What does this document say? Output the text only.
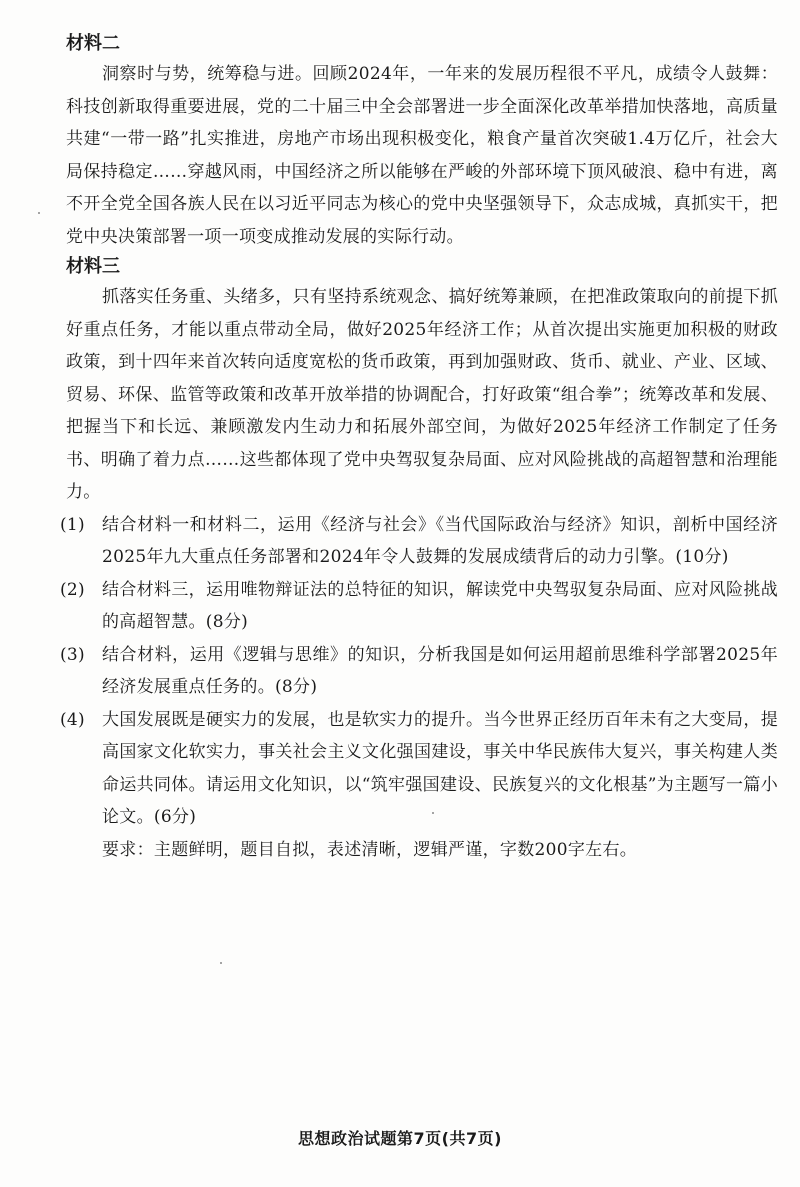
材料二

洞察时与势，统筹稳与进。回顾2024年，一年来的发展历程很不平凡，成绩令人鼓舞：科技创新取得重要进展，党的二十届三中全会部署进一步全面深化改革举措加快落地，高质量共建“一带一路”扎实推进，房地产市场出现积极变化，粮食产量首次突破1.4万亿斤，社会大局保持稳定……穿越风雨，中国经济之所以能够在严峻的外部环境下顶风破浪、稳中有进，离不开全党全国各族人民在以习近平同志为核心的党中央坚强领导下，众志成城，真抓实干，把党中央决策部署一项一项变成推动发展的实际行动。

材料三

抓落实任务重、头绪多，只有坚持系统观念、搞好统筹兼顾，在把准政策取向的前提下抓好重点任务，才能以重点带动全局，做好2025年经济工作；从首次提出实施更加积极的财政政策，到十四年来首次转向适度宽松的货币政策，再到加强财政、货币、就业、产业、区域、贸易、环保、监管等政策和改革开放举措的协调配合，打好政策“组合拳”；统筹改革和发展、把握当下和长远、兼顾激发内生动力和拓展外部空间，为做好2025年经济工作制定了任务书、明确了着力点……这些都体现了党中央驾驭复杂局面、应对风险挑战的高超智慧和治理能力。

(1) 结合材料一和材料二，运用《经济与社会》《当代国际政治与经济》知识，剖析中国经济2025年九大重点任务部署和2024年令人鼓舞的发展成绩背后的动力引擎。(10分)
(2) 结合材料三，运用唯物辩证法的总特征的知识，解读党中央驾驭复杂局面、应对风险挑战的高超智慧。(8分)
(3) 结合材料，运用《逻辑与思维》的知识，分析我国是如何运用超前思维科学部署2025年经济发展重点任务的。(8分)
(4) 大国发展既是硬实力的发展，也是软实力的提升。当今世界正经历百年未有之大变局，提高国家文化软实力，事关社会主义文化强国建设，事关中华民族伟大复兴，事关构建人类命运共同体。请运用文化知识，以“筑牢强国建设、民族复兴的文化根基”为主题写一篇小论文。(6分)

要求：主题鲜明，题目自拟，表述清晰，逻辑严谨，字数200字左右。

思想政治试题第7页(共7页)
